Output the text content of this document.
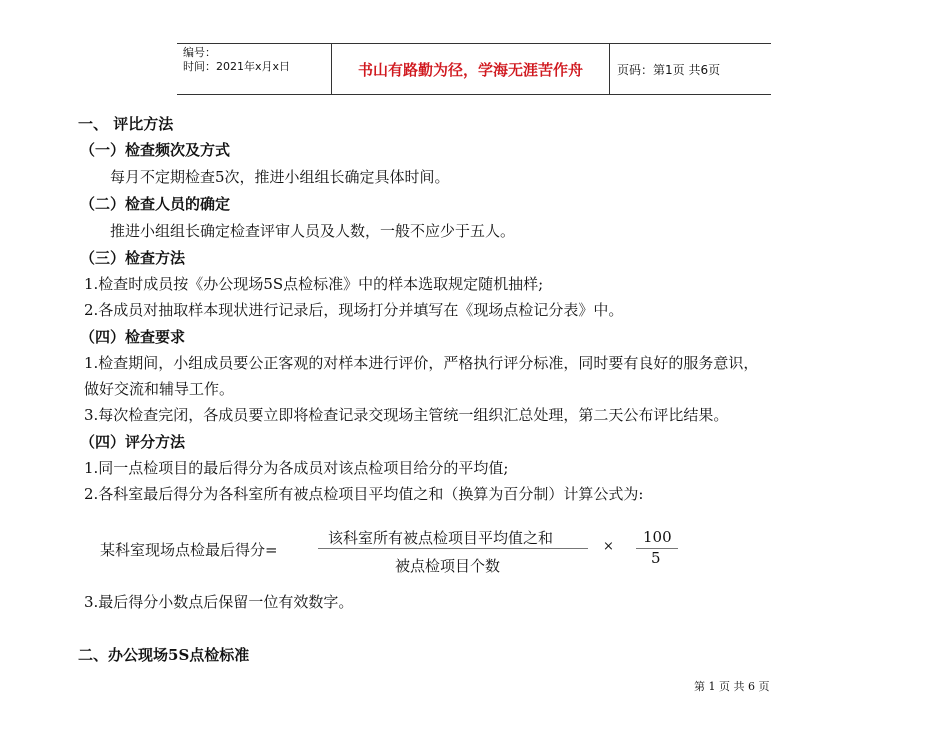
编号：
时间：2021年x月x日	书山有路勤为径，学海无涯苦作舟	页码：第1页 共6页
一、 评比方法
（一）检查频次及方式
每月不定期检查5次，推进小组组长确定具体时间。
（二）检查人员的确定
推进小组组长确定检查评审人员及人数，一般不应少于五人。
（三）检查方法
1.检查时成员按《办公现场5S点检标准》中的样本选取规定随机抽样;
2.各成员对抽取样本现状进行记录后，现场打分并填写在《现场点检记分表》中。
（四）检查要求
1.检查期间，小组成员要公正客观的对样本进行评价，严格执行评分标准，同时要有良好的服务意识，
做好交流和辅导工作。
3.每次检查完闭，各成员要立即将检查记录交现场主管统一组织汇总处理，第二天公布评比结果。
（四）评分方法
1.同一点检项目的最后得分为各成员对该点检项目给分的平均值;
2.各科室最后得分为各科室所有被点检项目平均值之和（换算为百分制）计算公式为:
某科室现场点检最后得分=
该科室所有被点检项目平均值之和
被点检项目个数
×
100
5
3.最后得分小数点后保留一位有效数字。
二、办公现场5S点检标准
第 1 页 共 6 页
